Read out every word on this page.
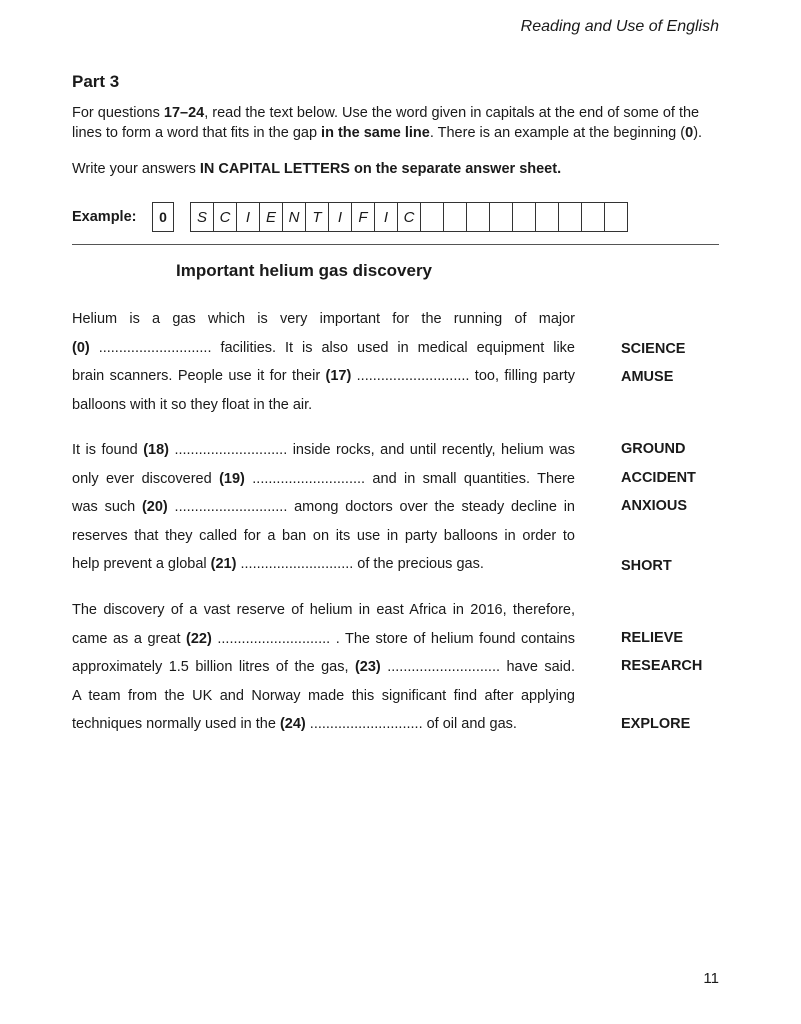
Reading and Use of English
Part 3
For questions 17–24, read the text below. Use the word given in capitals at the end of some of the lines to form a word that fits in the gap in the same line. There is an example at the beginning (0).
Write your answers IN CAPITAL LETTERS on the separate answer sheet.
Example:	0	S C	I	E N T	I	F	I	C
Important helium gas discovery
Helium is a gas which is very important for the running of major
(0) ............................ facilities. It is also used in medical equipment like
brain scanners. People use it for their (17) ............................ too, filling party
balloons with it so they float in the air.
It is found (18) ............................ inside rocks, and until recently, helium was
only ever discovered (19) ............................ and in small quantities. There
was such (20) ............................ among doctors over the steady decline in
reserves that they called for a ban on its use in party balloons in order to
help prevent a global (21) ............................ of the precious gas.
The discovery of a vast reserve of helium in east Africa in 2016, therefore,
came as a great (22) ............................ . The store of helium found contains
approximately 1.5 billion litres of the gas, (23) ............................ have said.
A team from the UK and Norway made this significant find after applying
techniques normally used in the (24) ............................ of oil and gas.
SCIENCE
AMUSE
GROUND
ACCIDENT
ANXIOUS
SHORT
RELIEVE
RESEARCH
EXPLORE
11
